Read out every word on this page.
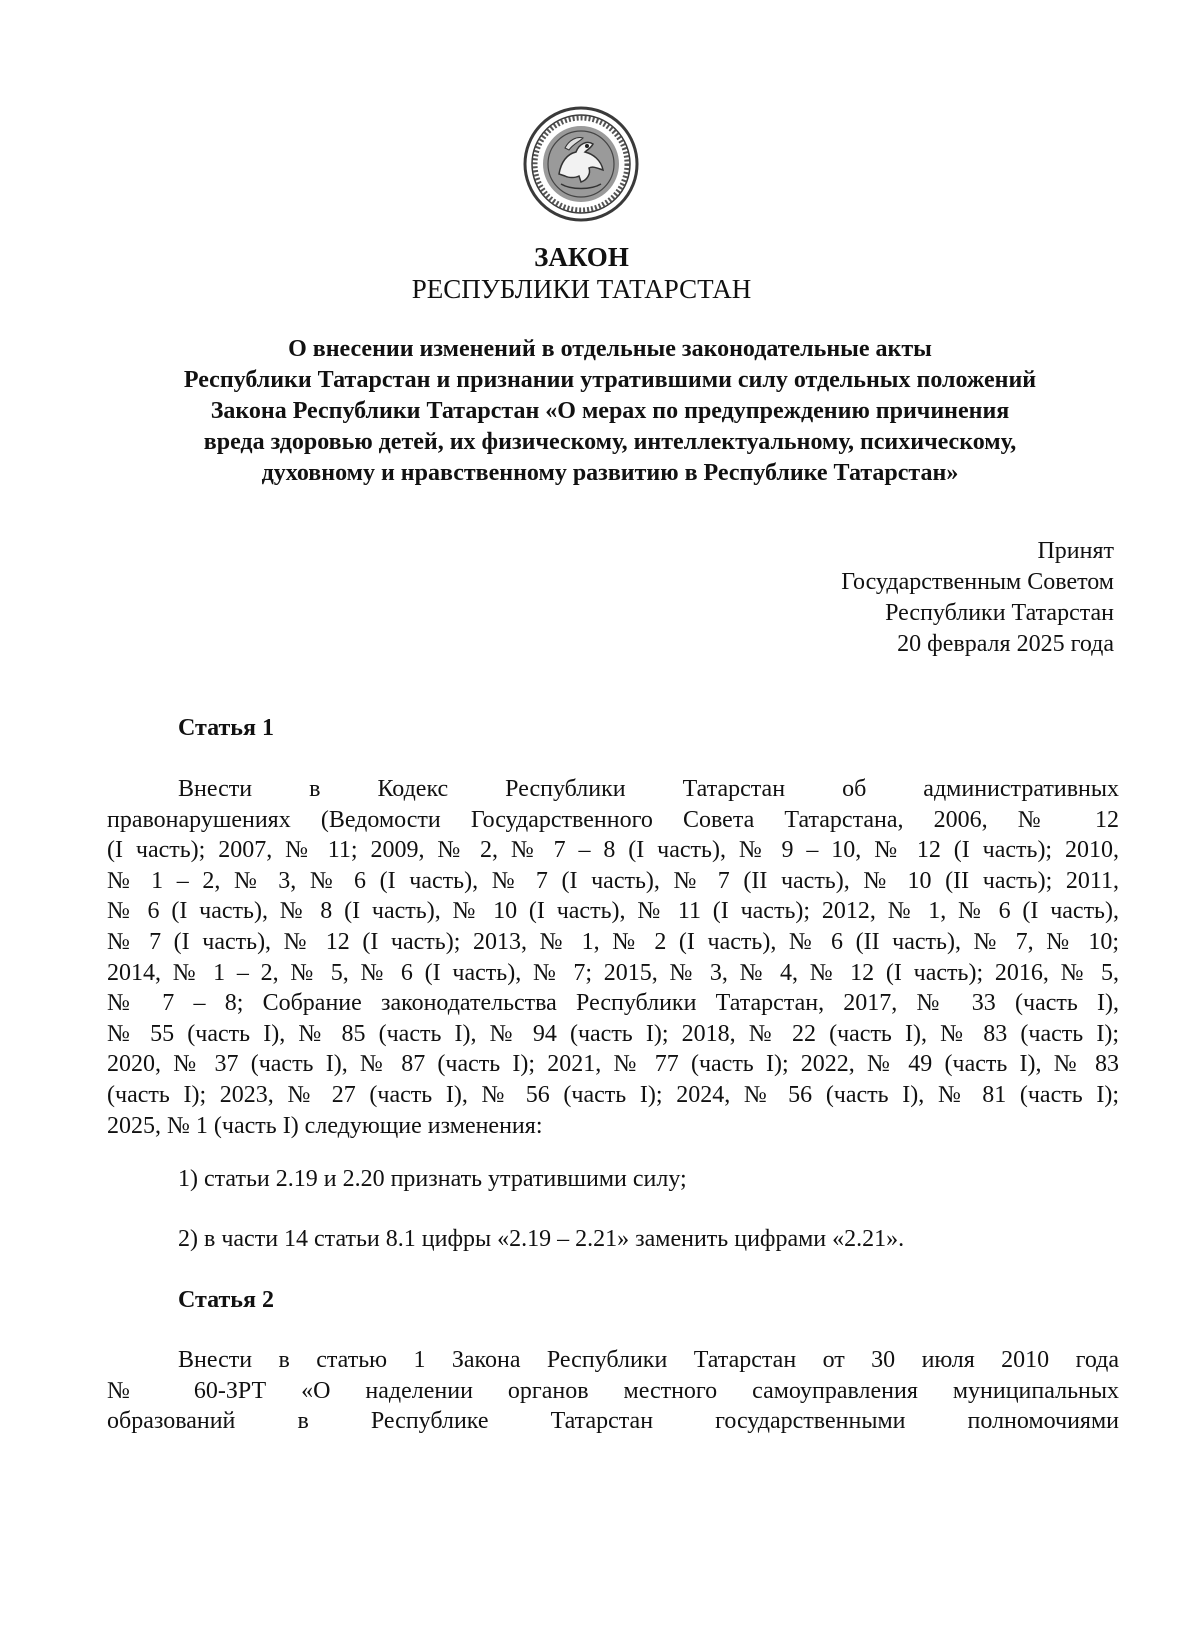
ЗАКОН
РЕСПУБЛИКИ ТАТАРСТАН
О внесении изменений в отдельные законодательные акты
Республики Татарстан и признании утратившими силу отдельных положений
Закона Республики Татарстан «О мерах по предупреждению причинения
вреда здоровью детей, их физическому, интеллектуальному, психическому,
духовному и нравственному развитию в Республике Татарстан»
Принят
Государственным Советом
Республики Татарстан
20 февраля 2025 года
Статья 1
Внести в Кодекс Республики Татарстан об административных
правонарушениях (Ведомости Государственного Совета Татарстана, 2006, № 12
(I часть); 2007, № 11; 2009, № 2, № 7 – 8 (I часть), № 9 – 10, № 12 (I часть); 2010,
№ 1 – 2, № 3, № 6 (I часть), № 7 (I часть), № 7 (II часть), № 10 (II часть); 2011,
№ 6 (I часть), № 8 (I часть), № 10 (I часть), № 11 (I часть); 2012, № 1, № 6 (I часть),
№ 7 (I часть), № 12 (I часть); 2013, № 1, № 2 (I часть), № 6 (II часть), № 7, № 10;
2014, № 1 – 2, № 5, № 6 (I часть), № 7; 2015, № 3, № 4, № 12 (I часть); 2016, № 5,
№ 7 – 8; Собрание законодательства Республики Татарстан, 2017, № 33 (часть I),
№ 55 (часть I), № 85 (часть I), № 94 (часть I); 2018, № 22 (часть I), № 83 (часть I);
2020, № 37 (часть I), № 87 (часть I); 2021, № 77 (часть I); 2022, № 49 (часть I), № 83
(часть I); 2023, № 27 (часть I), № 56 (часть I); 2024, № 56 (часть I), № 81 (часть I);
2025, № 1 (часть I) следующие изменения:
1) статьи 2.19 и 2.20 признать утратившими силу;
2) в части 14 статьи 8.1 цифры «2.19 – 2.21» заменить цифрами «2.21».
Статья 2
Внести в статью 1 Закона Республики Татарстан от 30 июля 2010 года
№ 60-ЗРТ «О наделении органов местного самоуправления муниципальных
образований в Республике Татарстан государственными полномочиями
